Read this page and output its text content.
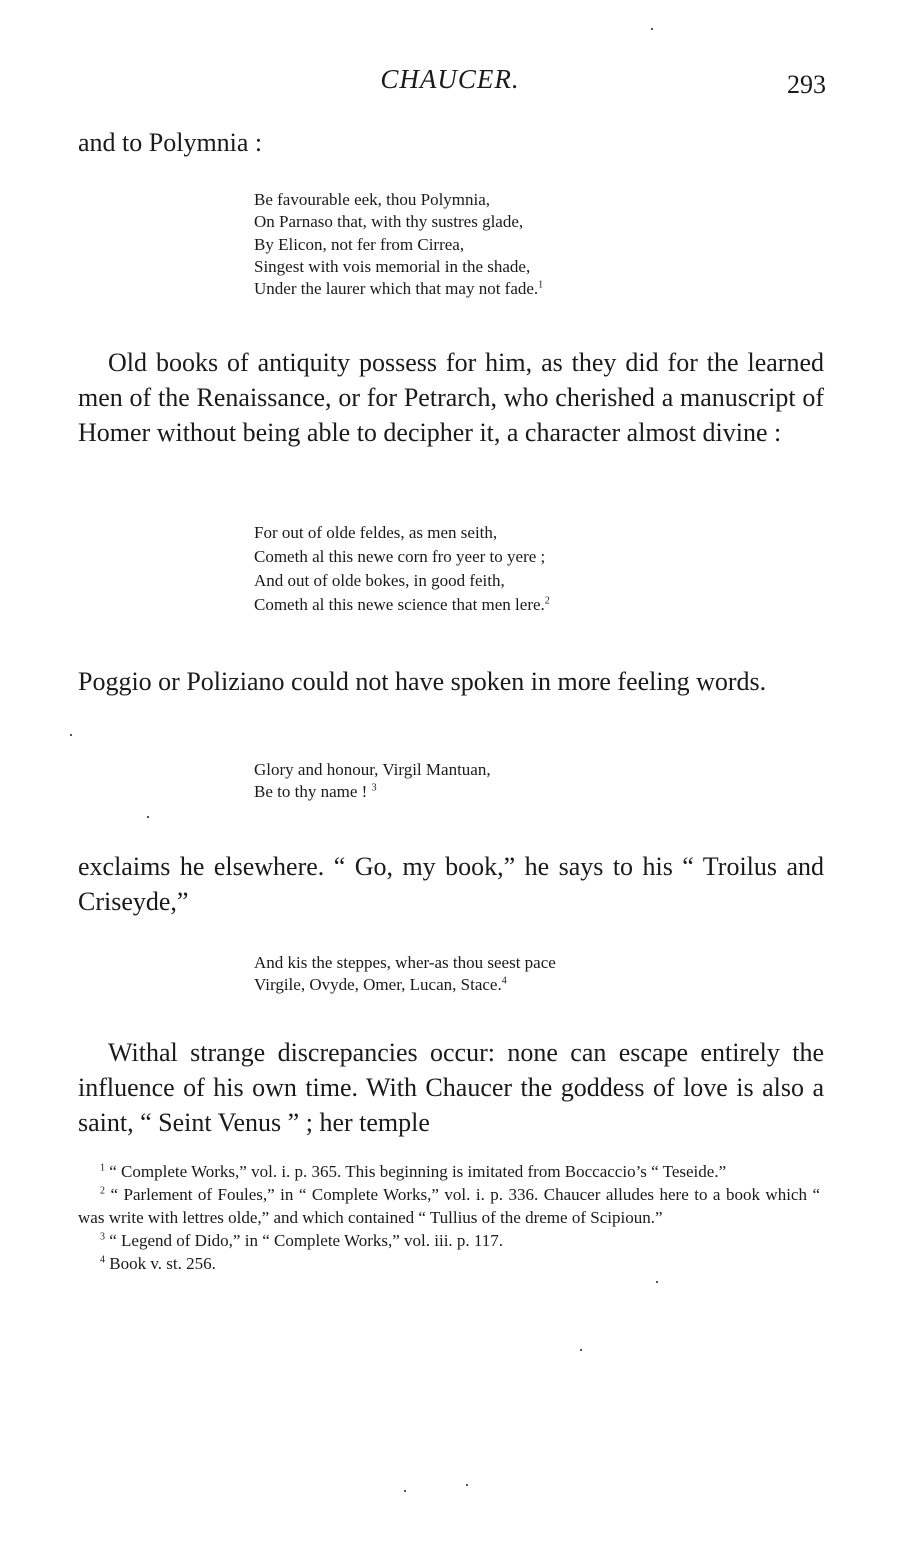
CHAUCER.	293

and to Polymnia :

Be favourable eek, thou Polymnia,
On Parnaso that, with thy sustres glade,
By Elicon, not fer from Cirrea,
Singest with vois memorial in the shade,
Under the laurer which that may not fade.$^1$

Old books of antiquity possess for him, as they did for the learned men of the Renaissance, or for Petrarch, who cherished a manuscript of Homer without being able to decipher it, a character almost divine :

For out of olde feldes, as men seith,
Cometh al this newe corn fro yeer to yere ;
And out of olde bokes, in good feith,
Cometh al this newe science that men lere.$^2$

Poggio or Poliziano could not have spoken in more feeling words.

Glory and honour, Virgil Mantuan,
Be to thy name ! $^3$

exclaims he elsewhere. “ Go, my book,” he says to his “ Troilus and Criseyde,”

And kis the steppes, wher-as thou seest pace
Virgile, Ovyde, Omer, Lucan, Stace.$^4$

Withal strange discrepancies occur: none can escape entirely the influence of his own time. With Chaucer the goddess of love is also a saint, “ Seint Venus ” ; her temple

$^1$ “ Complete Works,” vol. i. p. 365. This beginning is imitated from Boccaccio’s “ Teseide.”

$^2$ “ Parlement of Foules,” in “ Complete Works,” vol. i. p. 336. Chaucer alludes here to a book which “ was write with lettres olde,” and which contained “ Tullius of the dreme of Scipioun.”

$^3$ “ Legend of Dido,” in “ Complete Works,” vol. iii. p. 117.

$^4$ Book v. st. 256.
